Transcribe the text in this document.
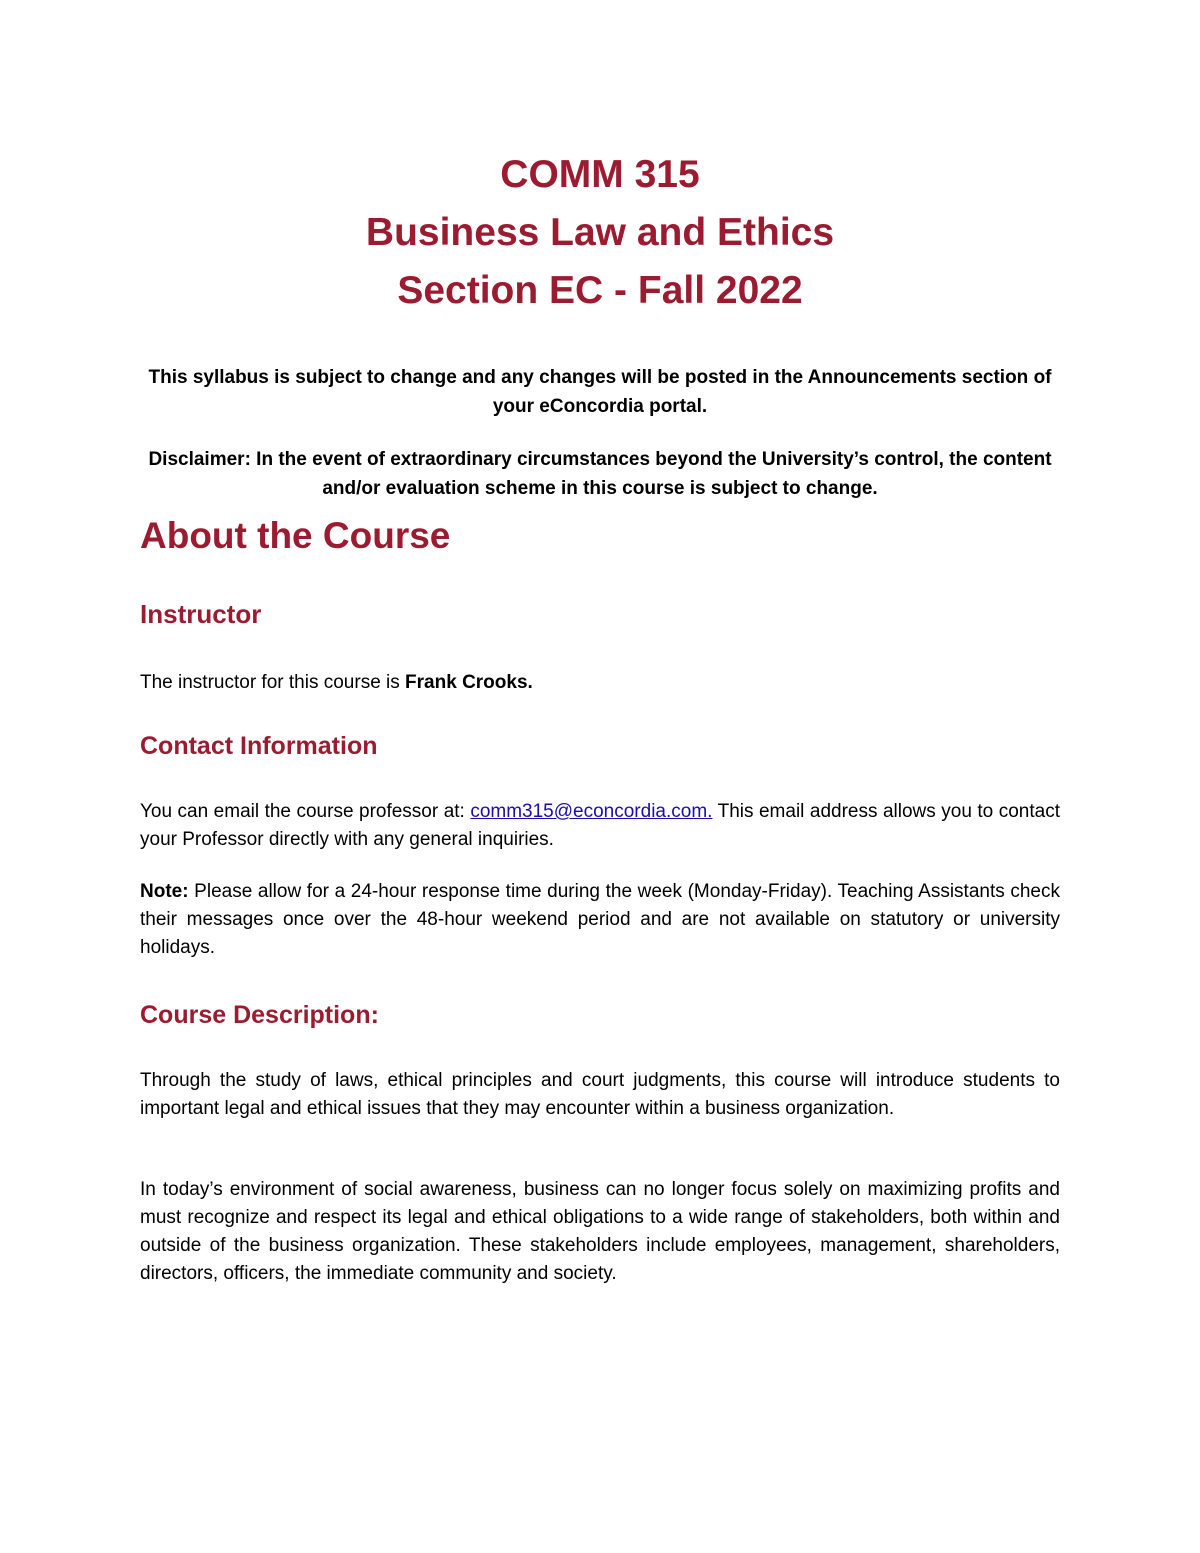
COMM 315
Business Law and Ethics
Section EC - Fall 2022

This syllabus is subject to change and any changes will be posted in the Announcements section of your eConcordia portal.

Disclaimer: In the event of extraordinary circumstances beyond the University’s control, the content and/or evaluation scheme in this course is subject to change.

About the Course
Instructor

The instructor for this course is Frank Crooks.

Contact Information

You can email the course professor at: comm315@econcordia.com. This email address allows you to contact your Professor directly with any general inquiries.

Note: Please allow for a 24-hour response time during the week (Monday-Friday). Teaching Assistants check their messages once over the 48-hour weekend period and are not available on statutory or university holidays.

Course Description:

Through the study of laws, ethical principles and court judgments, this course will introduce students to important legal and ethical issues that they may encounter within a business organization.

In today’s environment of social awareness, business can no longer focus solely on maximizing profits and must recognize and respect its legal and ethical obligations to a wide range of stakeholders, both within and outside of the business organization. These stakeholders include employees, management, shareholders, directors, officers, the immediate community and society.
